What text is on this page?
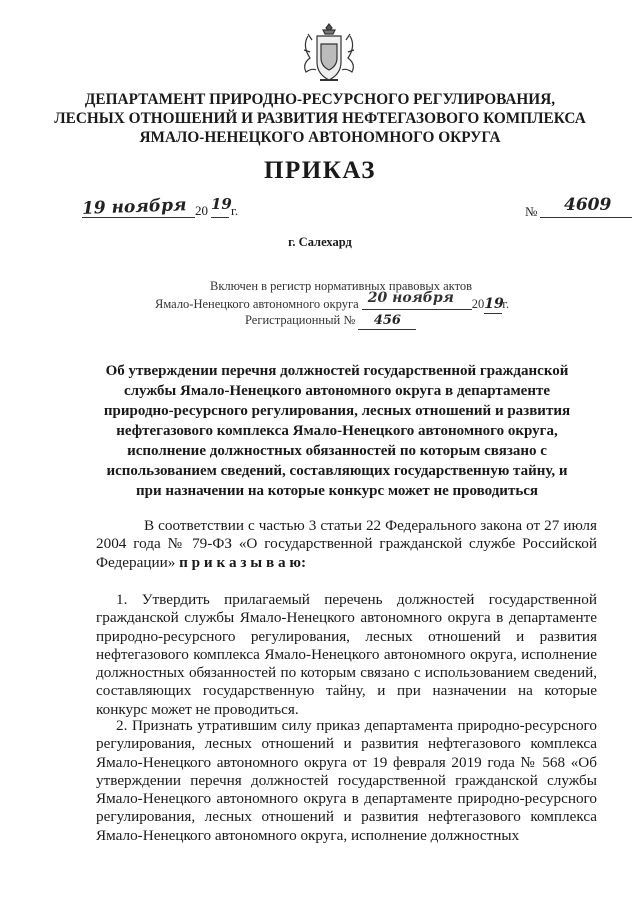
ДЕПАРТАМЕНТ ПРИРОДНО-РЕСУРСНОГО РЕГУЛИРОВАНИЯ,
ЛЕСНЫХ ОТНОШЕНИЙ И РАЗВИТИЯ НЕФТЕГАЗОВОГО КОМПЛЕКСА
ЯМАЛО-НЕНЕЦКОГО АВТОНОМНОГО ОКРУГА
ПРИКАЗ
19 ноября 20 19 г.	№ 4609
г. Салехард
Включен в регистр нормативных правовых актов
Ямало-Ненецкого автономного округа 20 ноября 2019г.
Регистрационный № 456
Об утверждении перечня должностей государственной гражданской службы Ямало-Ненецкого автономного округа в департаменте природно-ресурсного регулирования, лесных отношений и развития нефтегазового комплекса Ямало-Ненецкого автономного округа, исполнение должностных обязанностей по которым связано с использованием сведений, составляющих государственную тайну, и при назначении на которые конкурс может не проводиться
В соответствии с частью 3 статьи 22 Федерального закона от 27 июля 2004 года № 79-ФЗ «О государственной гражданской службе Российской Федерации» п р и к а з ы в а ю:
1. Утвердить прилагаемый перечень должностей государственной гражданской службы Ямало-Ненецкого автономного округа в департаменте природно-ресурсного регулирования, лесных отношений и развития нефтегазового комплекса Ямало-Ненецкого автономного округа, исполнение должностных обязанностей по которым связано с использованием сведений, составляющих государственную тайну, и при назначении на которые конкурс может не проводиться.
2. Признать утратившим силу приказ департамента природно-ресурсного регулирования, лесных отношений и развития нефтегазового комплекса Ямало-Ненецкого автономного округа от 19 февраля 2019 года № 568 «Об утверждении перечня должностей государственной гражданской службы Ямало-Ненецкого автономного округа в департаменте природно-ресурсного регулирования, лесных отношений и развития нефтегазового комплекса Ямало-Ненецкого автономного округа, исполнение должностных
